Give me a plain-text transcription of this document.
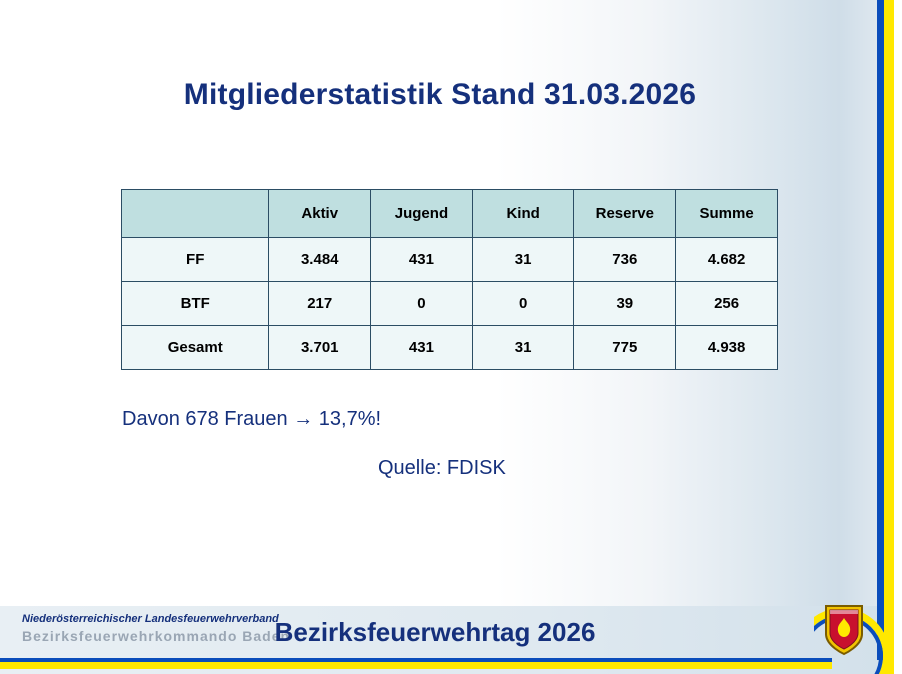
Mitgliederstatistik Stand 31.03.2026
	Aktiv	Jugend	Kind	Reserve	Summe
FF	3.484	431	31	736	4.682
BTF	217	0	0	39	256
Gesamt	3.701	431	31	775	4.938
Davon 678 Frauen → 13,7%!
Quelle: FDISK
Niederösterreichischer Landesfeuerwehrverband
Bezirksfeuerwehrkommando Baden
Bezirksfeuerwehrtag 2026
